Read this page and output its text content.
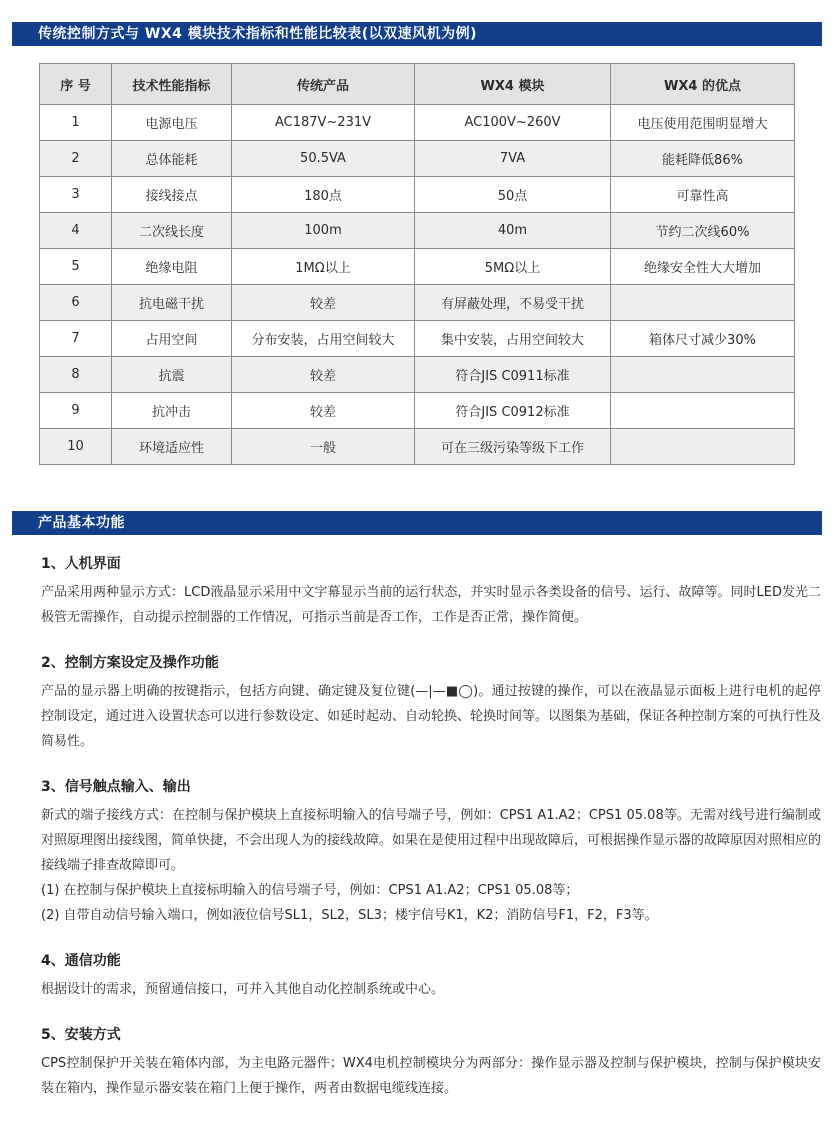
传统控制方式与 WX4 模块技术指标和性能比较表(以双速风机为例)
序 号	技术性能指标	传统产品	WX4 模块	WX4 的优点
1	电源电压	AC187V~231V	AC100V~260V	电压使用范围明显增大
2	总体能耗	50.5VA	7VA	能耗降低86%
3	接线接点	180点	50点	可靠性高
4	二次线长度	100m	40m	节约二次线60%
5	绝缘电阻	1MΩ以上	5MΩ以上	绝缘安全性大大增加
6	抗电磁干扰	较差	有屏蔽处理，不易受干扰	
7	占用空间	分布安装，占用空间较大	集中安装，占用空间较大	箱体尺寸减少30%
8	抗震	较差	符合JIS C0911标准	
9	抗冲击	较差	符合JIS C0912标准	
10	环境适应性	一般	可在三级污染等级下工作	
产品基本功能
1、人机界面

产品采用两种显示方式：LCD液晶显示采用中文字幕显示当前的运行状态，并实时显示各类设备的信号、运行、故障等。同时LED发光二极管无需操作，自动提示控制器的工作情况，可指示当前是否工作，工作是否正常，操作简便。

2、控制方案设定及操作功能

产品的显示器上明确的按键指示，包括方向键、确定键及复位键(—|—■◯)。通过按键的操作，可以在液晶显示面板上进行电机的起停控制设定，通过进入设置状态可以进行参数设定、如延时起动、自动轮换、轮换时间等。以图集为基础，保证各种控制方案的可执行性及简易性。

3、信号触点输入、输出

新式的端子接线方式：在控制与保护模块上直接标明输入的信号端子号，例如：CPS1 A1.A2；CPS1 05.08等。无需对线号进行编制或对照原理图出接线图，简单快捷，不会出现人为的接线故障。如果在是使用过程中出现故障后，可根据操作显示器的故障原因对照相应的接线端子排查故障即可。

(1) 在控制与保护模块上直接标明输入的信号端子号，例如：CPS1 A1.A2；CPS1 05.08等；

(2) 自带自动信号输入端口，例如液位信号SL1，SL2，SL3；楼宇信号K1，K2；消防信号F1，F2，F3等。

4、通信功能

根据设计的需求，预留通信接口，可并入其他自动化控制系统或中心。

5、安装方式

CPS控制保护开关装在箱体内部，为主电路元器件；WX4电机控制模块分为两部分：操作显示器及控制与保护模块，控制与保护模块安装在箱内，操作显示器安装在箱门上便于操作，两者由数据电缆线连接。
